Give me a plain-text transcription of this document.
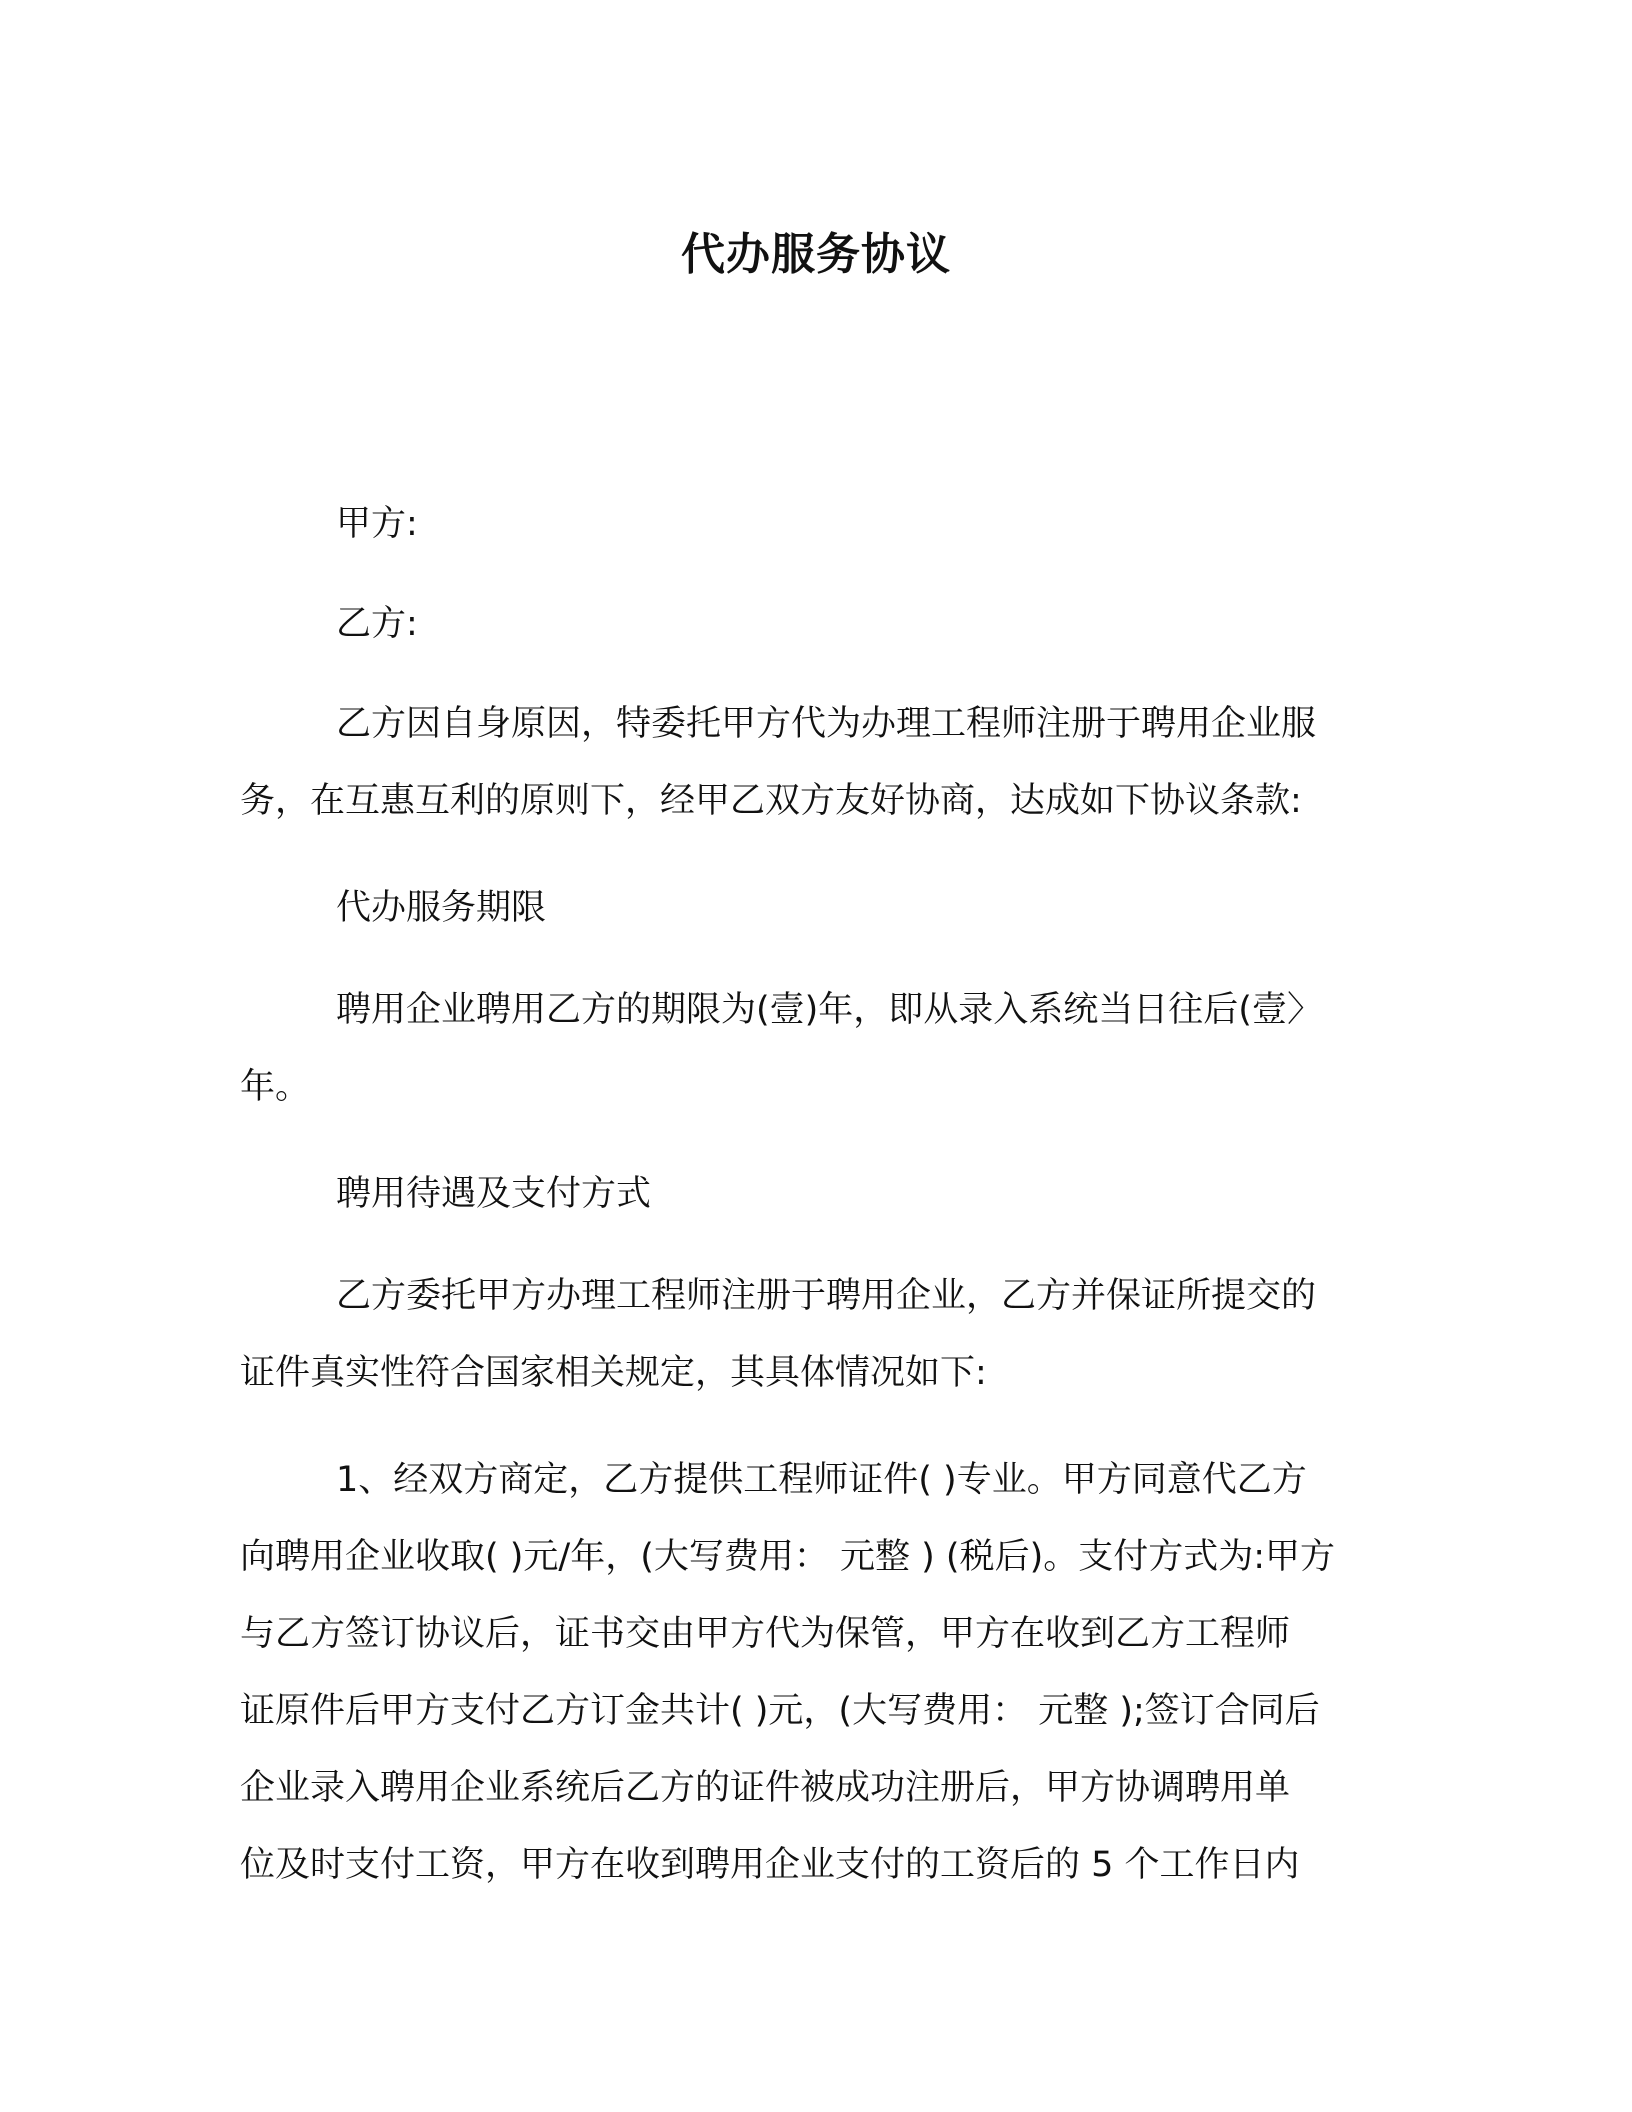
代办服务协议
甲方:
乙方:
乙方因自身原因，特委托甲方代为办理工程师注册于聘用企业服
务，在互惠互利的原则下，经甲乙双方友好协商，达成如下协议条款:
代办服务期限
聘用企业聘用乙方的期限为(壹)年，即从录入系统当日往后(壹〉
年。
聘用待遇及支付方式
乙方委托甲方办理工程师注册于聘用企业，乙方并保证所提交的
证件真实性符合国家相关规定，其具体情况如下:
1、经双方商定，乙方提供工程师证件( )专业。甲方同意代乙方
向聘用企业收取( )元/年，(大写费用： 元整 ) (税后)。支付方式为:甲方
与乙方签订协议后，证书交由甲方代为保管，甲方在收到乙方工程师
证原件后甲方支付乙方订金共计( )元，(大写费用： 元整 );签订合同后
企业录入聘用企业系统后乙方的证件被成功注册后，甲方协调聘用单
位及时支付工资，甲方在收到聘用企业支付的工资后的 5 个工作日内
